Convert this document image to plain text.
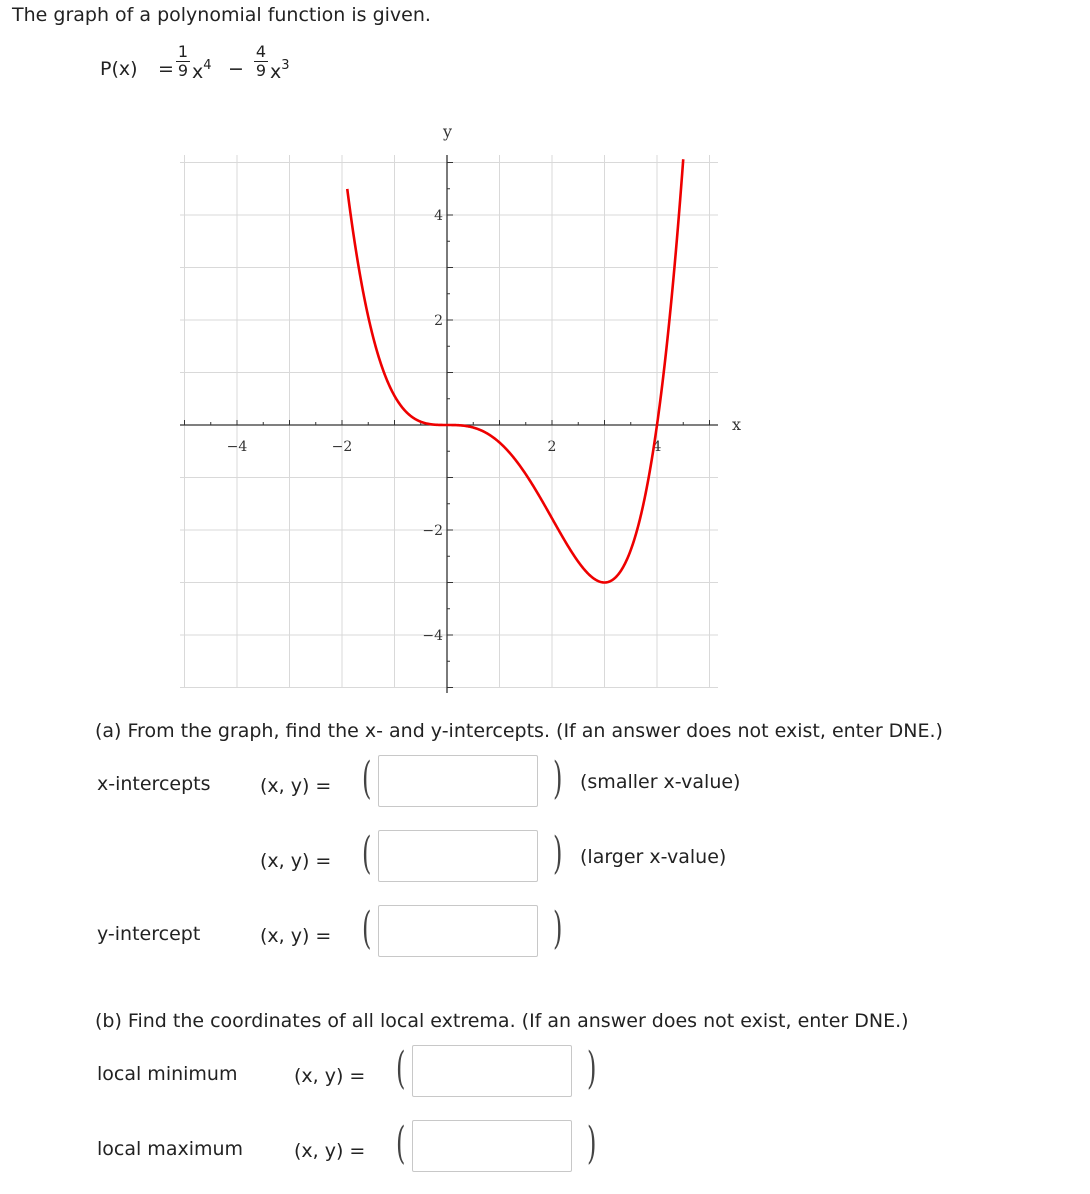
The graph of a polynomial function is given.
P(x) =
1
9 $x^4$ −
4
9 $x^3$
−4	−2	2	4
4
2
−2
−4
x
y
(a) From the graph, find the x- and y-intercepts. (If an answer does not exist, enter DNE.)
x-intercepts	(x, y) = (	) (smaller x-value)
(x, y) = (	) (larger x-value)
y-intercept	(x, y) = (	)
(b) Find the coordinates of all local extrema. (If an answer does not exist, enter DNE.)
local minimum	(x, y) = (	)
local maximum	(x, y) = (	)
